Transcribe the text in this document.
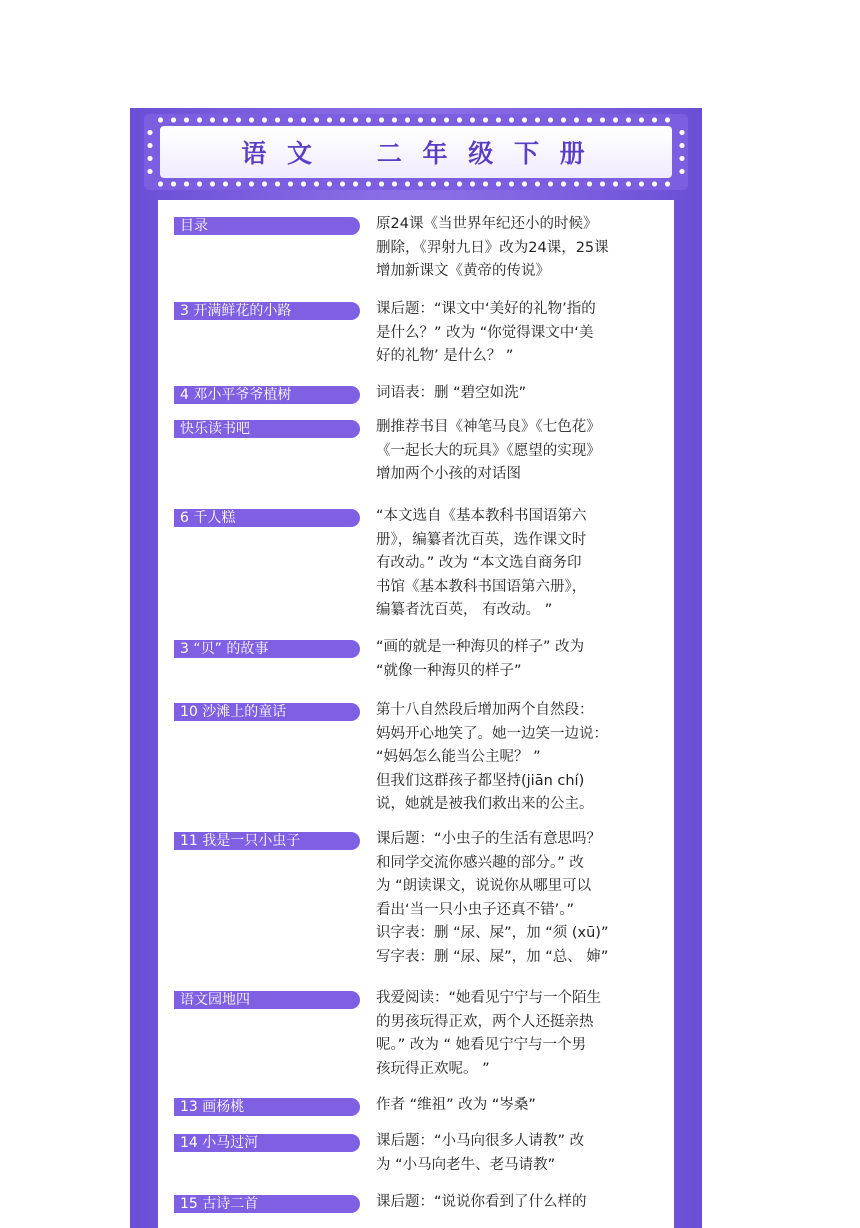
语 文    二 年 级 下 册
目录	原24课《当世界年纪还小的时候》
删除，《羿射九日》改为24课，25课
增加新课文《黄帝的传说》
3 开满鲜花的小路	课后题：“课文中‘美好的礼物’指的
是什么？” 改为 “你觉得课文中‘美
好的礼物’ 是什么？ ”
4 邓小平爷爷植树	词语表：删 “碧空如洗”
快乐读书吧	删推荐书目《神笔马良》《七色花》
《一起长大的玩具》《愿望的实现》
增加两个小孩的对话图
6 千人糕	“本文选自《基本教科书国语第六
册》，编纂者沈百英，选作课文时
有改动。” 改为 “本文选自商务印
书馆《基本教科书国语第六册》，
编纂者沈百英， 有改动。 ”
3 “贝” 的故事	“画的就是一种海贝的样子” 改为
“就像一种海贝的样子”
10 沙滩上的童话	第十八自然段后增加两个自然段：
妈妈开心地笑了。她一边笑一边说：
“妈妈怎么能当公主呢？ ”
但我们这群孩子都坚持(jiān chí)
说，她就是被我们救出来的公主。
11 我是一只小虫子	课后题：“小虫子的生活有意思吗？
和同学交流你感兴趣的部分。” 改
为 “朗读课文，说说你从哪里可以
看出‘当一只小虫子还真不错’。”
识字表：删 “尿、屎”，加 “须 (xū)”
写字表：删 “尿、屎”，加 “总、 婶”
语文园地四	我爱阅读：“她看见宁宁与一个陌生
的男孩玩得正欢，两个人还挺亲热
呢。” 改为 “ 她看见宁宁与一个男
孩玩得正欢呢。 ”
13 画杨桃	作者 “维祖” 改为 “岑桑”
14 小马过河	课后题：“小马向很多人请教” 改
为 “小马向老牛、老马请教”
15 古诗二首	课后题：“说说你看到了什么样的
